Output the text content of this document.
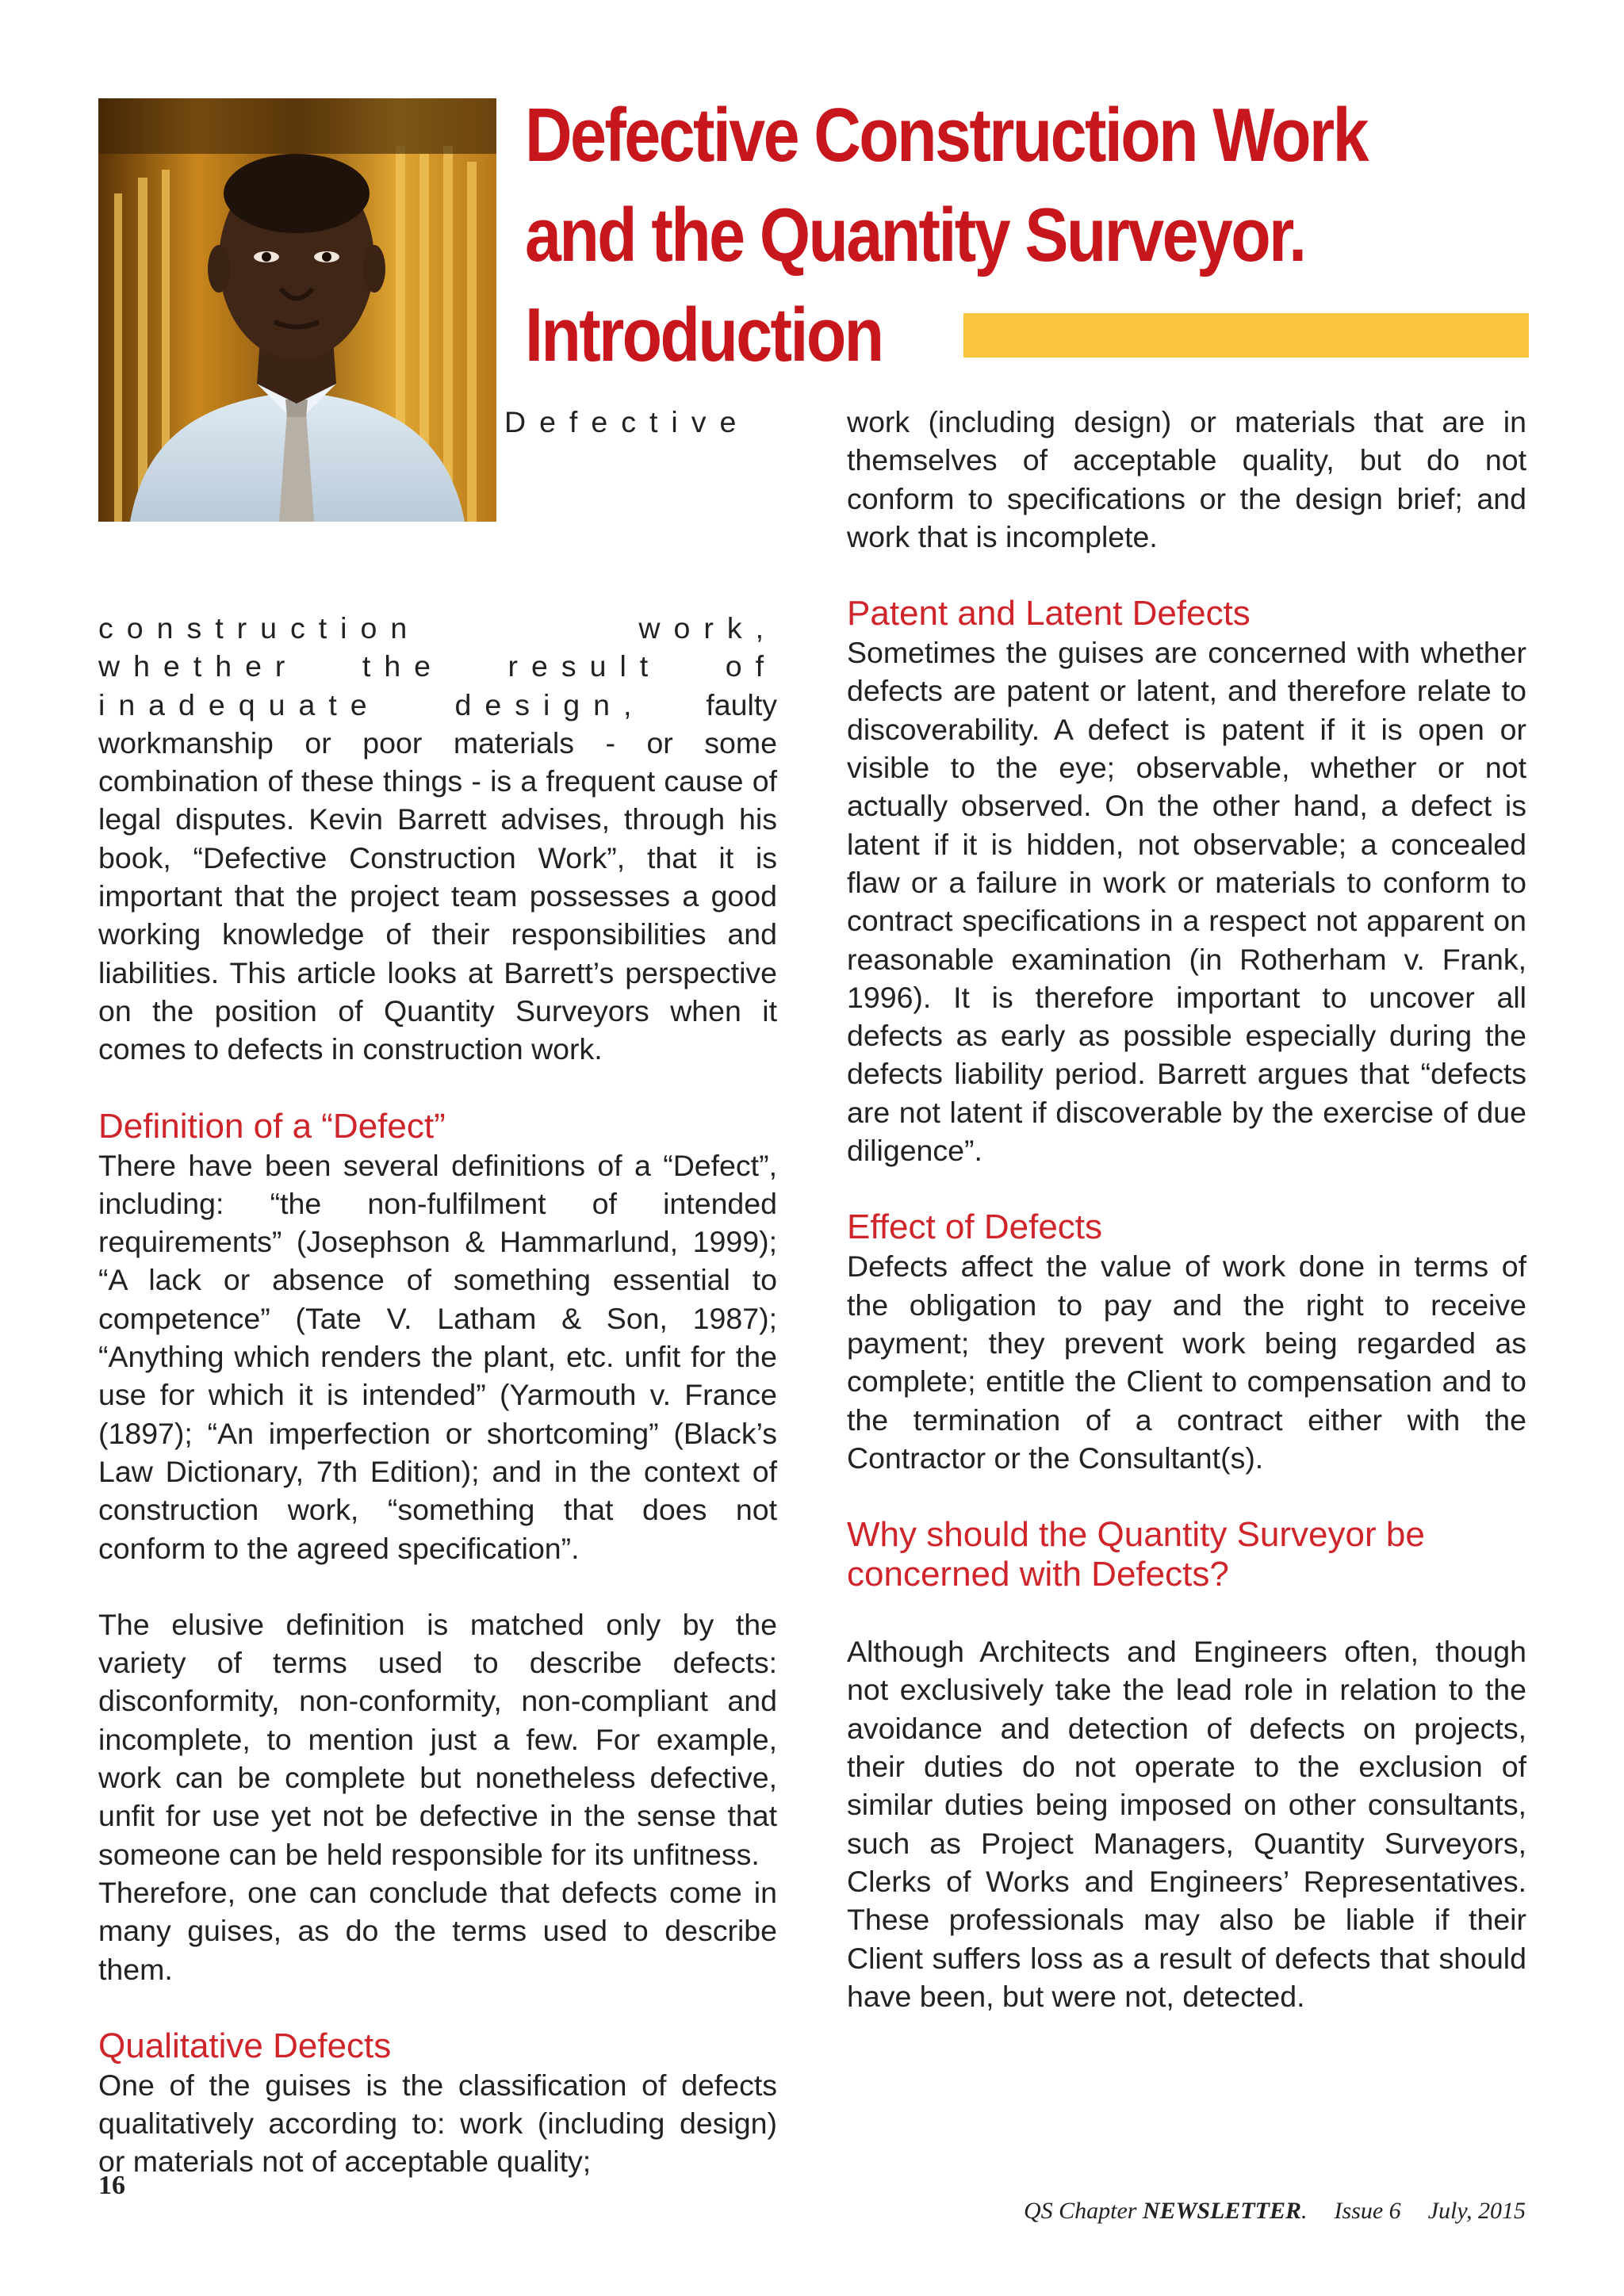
Defective Construction Work
and the Quantity Surveyor.
Introduction

Defective construction work, whether the result of inadequate design, faulty workmanship or poor materials - or some combination of these things - is a frequent cause of legal disputes. Kevin Barrett advises, through his book, “Defective Construction Work”, that it is important that the project team possesses a good working knowledge of their responsibilities and liabilities. This article looks at Barrett’s perspective on the position of Quantity Surveyors when it comes to defects in construction work.

Definition of a “Defect”

There have been several definitions of a “Defect”, including: “the non-fulfilment of intended requirements” (Josephson & Hammarlund, 1999); “A lack or absence of something essential to competence” (Tate V. Latham & Son, 1987); “Anything which renders the plant, etc. unfit for the use for which it is intended” (Yarmouth v. France (1897); “An imperfection or shortcoming” (Black’s Law Dictionary, 7th Edition); and in the context of construction work, “something that does not conform to the agreed specification”.

The elusive definition is matched only by the variety of terms used to describe defects: disconformity, non-conformity, non-compliant and incomplete, to mention just a few. For example, work can be complete but nonetheless defective, unfit for use yet not be defective in the sense that someone can be held responsible for its unfitness.

Therefore, one can conclude that defects come in many guises, as do the terms used to describe them.

Qualitative Defects

One of the guises is the classification of defects qualitatively according to: work (including design) or materials not of acceptable quality;

work (including design) or materials that are in themselves of acceptable quality, but do not conform to specifications or the design brief; and work that is incomplete.

Patent and Latent Defects

Sometimes the guises are concerned with whether defects are patent or latent, and therefore relate to discoverability. A defect is patent if it is open or visible to the eye; observable, whether or not actually observed. On the other hand, a defect is latent if it is hidden, not observable; a concealed flaw or a failure in work or materials to conform to contract specifications in a respect not apparent on reasonable examination (in Rotherham v. Frank, 1996). It is therefore important to uncover all defects as early as possible especially during the defects liability period. Barrett argues that “defects are not latent if discoverable by the exercise of due diligence”.

Effect of Defects

Defects affect the value of work done in terms of the obligation to pay and the right to receive payment; they prevent work being regarded as complete; entitle the Client to compensation and to the termination of a contract either with the Contractor or the Consultant(s).

Why should the Quantity Surveyor be concerned with Defects?

Although Architects and Engineers often, though not exclusively take the lead role in relation to the avoidance and detection of defects on projects, their duties do not operate to the exclusion of similar duties being imposed on other consultants, such as Project Managers, Quantity Surveyors, Clerks of Works and Engineers’ Representatives. These professionals may also be liable if their Client suffers loss as a result of defects that should have been, but were not, detected.

16
QS Chapter NEWSLETTER. Issue 6 July, 2015
